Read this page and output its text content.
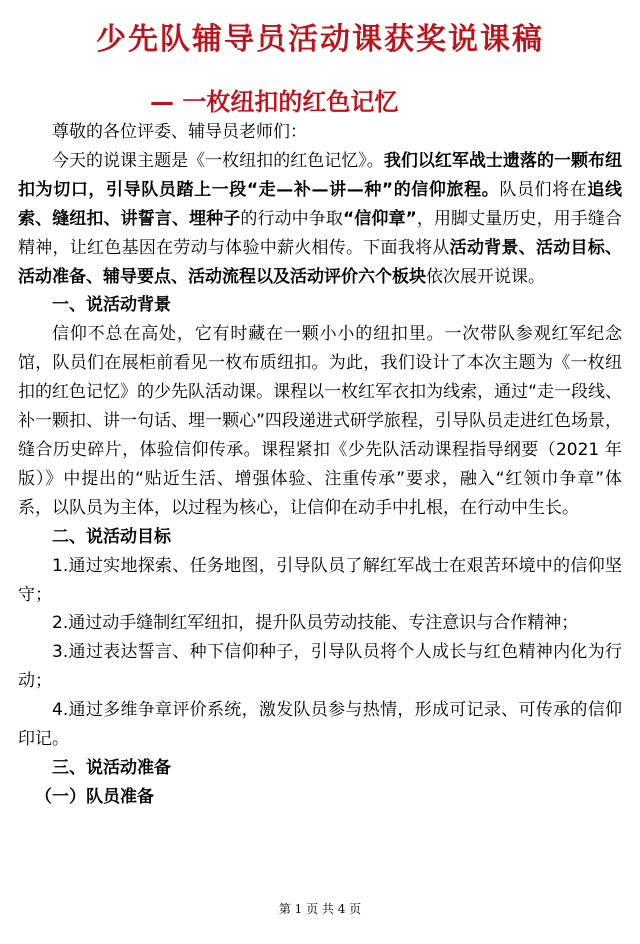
少先队辅导员活动课获奖说课稿
— 一枚纽扣的红色记忆

尊敬的各位评委、辅导员老师们：

今天的说课主题是《一枚纽扣的红色记忆》。我们以红军战士遗落的一颗布纽扣为切口，引导队员踏上一段“走—补—讲—种”的信仰旅程。队员们将在追线索、缝纽扣、讲誓言、埋种子的行动中争取“信仰章”，用脚丈量历史，用手缝合精神，让红色基因在劳动与体验中薪火相传。下面我将从活动背景、活动目标、活动准备、辅导要点、活动流程以及活动评价六个板块依次展开说课。

一、说活动背景

信仰不总在高处，它有时藏在一颗小小的纽扣里。一次带队参观红军纪念馆，队员们在展柜前看见一枚布质纽扣。为此，我们设计了本次主题为《一枚纽扣的红色记忆》的少先队活动课。课程以一枚红军衣扣为线索，通过“走一段线、补一颗扣、讲一句话、埋一颗心”四段递进式研学旅程，引导队员走进红色场景，缝合历史碎片，体验信仰传承。课程紧扣《少先队活动课程指导纲要（2021 年版）》中提出的“贴近生活、增强体验、注重传承”要求，融入“红领巾争章”体系，以队员为主体，以过程为核心，让信仰在动手中扎根，在行动中生长。

二、说活动目标

1.通过实地探索、任务地图，引导队员了解红军战士在艰苦环境中的信仰坚守；

2.通过动手缝制红军纽扣，提升队员劳动技能、专注意识与合作精神；

3.通过表达誓言、种下信仰种子，引导队员将个人成长与红色精神内化为行动；

4.通过多维争章评价系统，激发队员参与热情，形成可记录、可传承的信仰印记。

三、说活动准备

（一）队员准备

第 1 页 共 4 页
